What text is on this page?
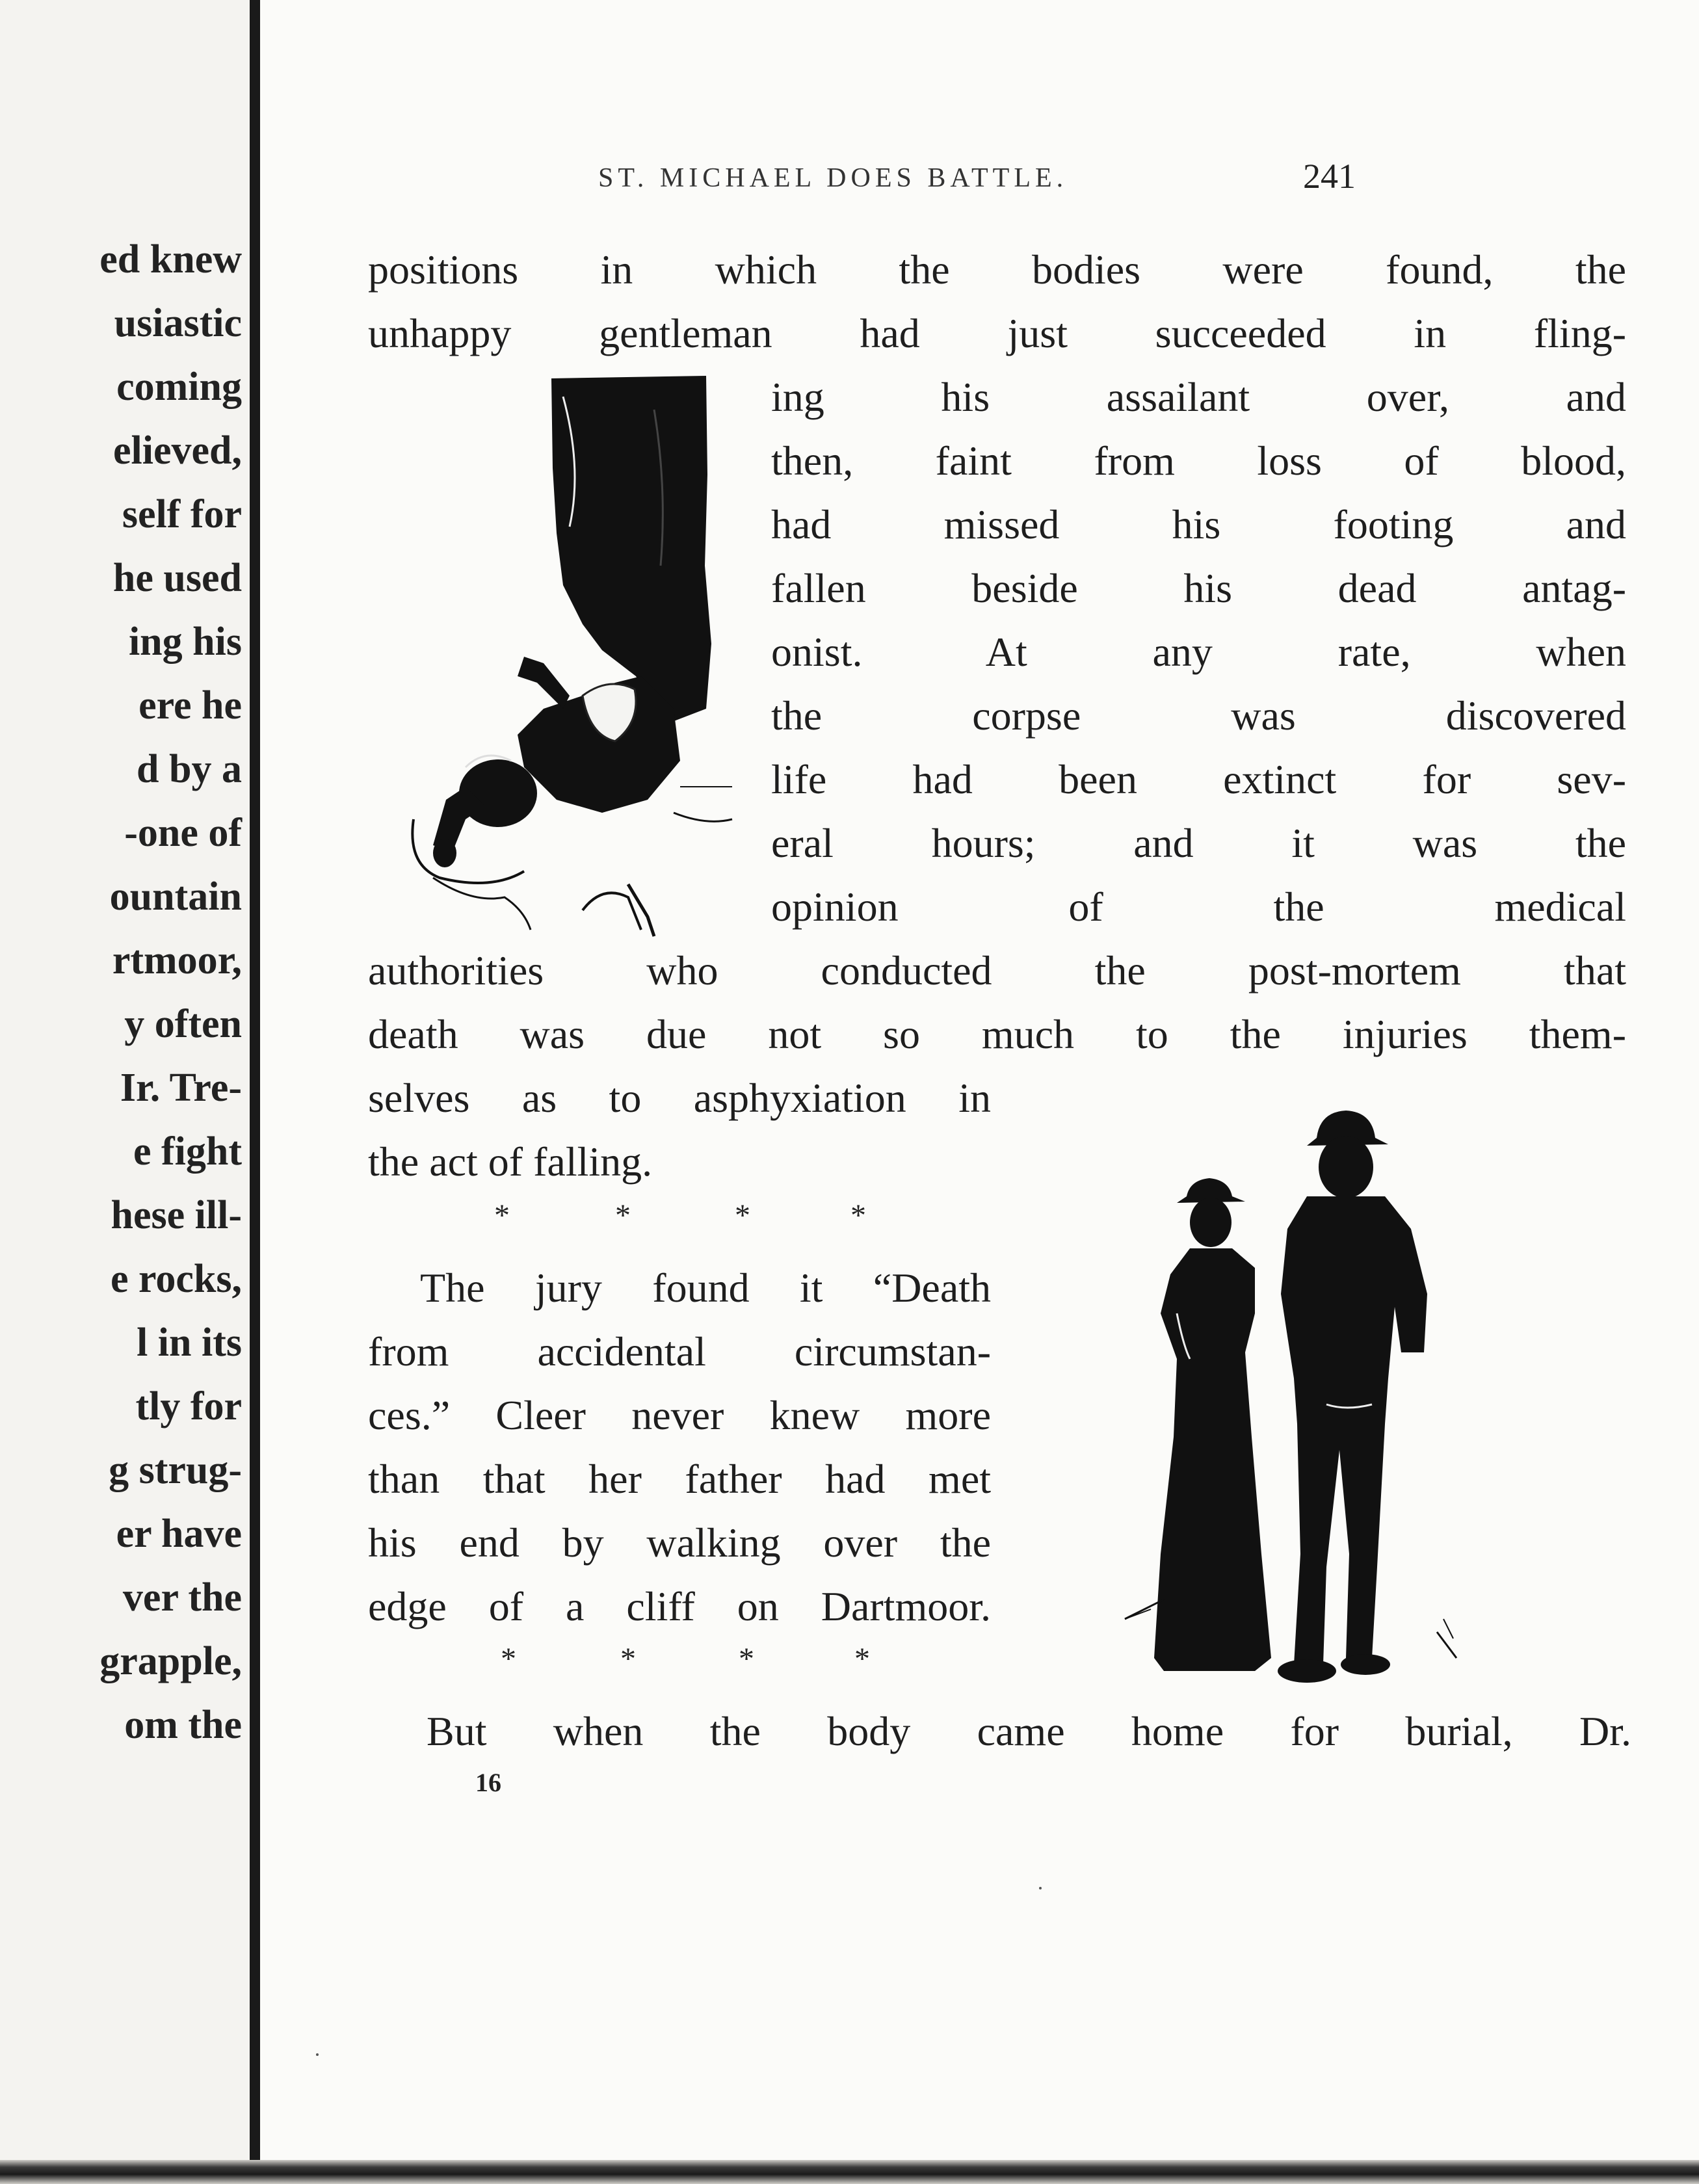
ed knew
usiastic
coming
elieved,
self for
he used
ing his
ere he
d by a
-one of
ountain
rtmoor,
y often
Ir. Tre-
e fight
hese ill-
e rocks,
l in its
tly for
g strug-
er have
ver the
grapple,
om the
ST. MICHAEL DOES BATTLE.	241
positions in which the bodies were found, the
unhappy gentleman had just succeeded in fling-
ing his assailant over, and
then, faint from loss of blood,
had missed his footing and
fallen beside his dead antag-
onist. At any rate, when
the corpse was discovered
life had been extinct for sev-
eral hours; and it was the
opinion of the medical
authorities who conducted the post-mortem that
death was due not so much to the injuries them-
selves as to asphyxiation in
the act of falling.
*	*	*	*
The jury found it “Death
from accidental circumstan-
ces.” Cleer never knew more
than that her father had met
his end by walking over the
edge of a cliff on Dartmoor.
*	*	*	*
But when the body came home for burial, Dr.
16
